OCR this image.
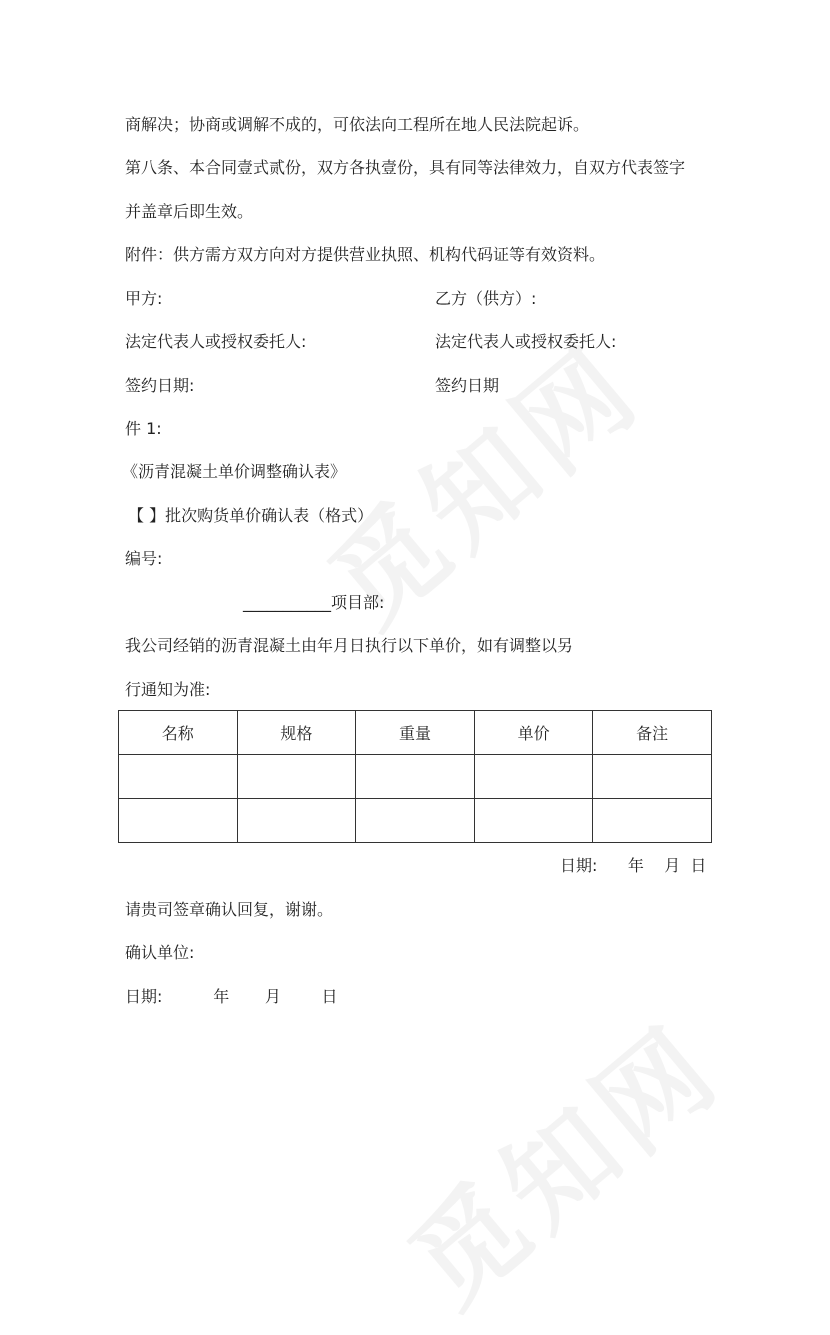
商解决；协商或调解不成的，可依法向工程所在地人民法院起诉。
第八条、本合同壹式贰份，双方各执壹份，具有同等法律效力，自双方代表签字
并盖章后即生效。
附件：供方需方双方向对方提供营业执照、机构代码证等有效资料。
甲方:	乙方（供方）:
法定代表人或授权委托人:	法定代表人或授权委托人:
签约日期:	签约日期
件 1:
《沥青混凝土单价调整确认表》
【 】批次购货单价确认表（格式）
编号:
___________项目部:
我公司经销的沥青混凝土由年月日执行以下单价，如有调整以另
行通知为准:
名称	规格	重量	单价	备注

日期:      年    月  日
请贵司签章确认回复，谢谢。
确认单位:
日期:          年       月        日
